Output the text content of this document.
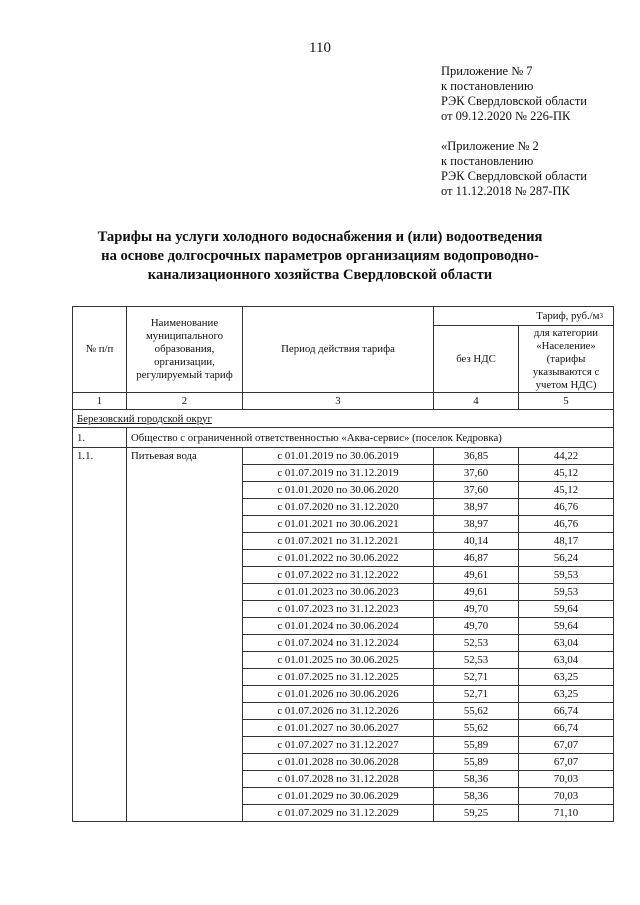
110
Приложение № 7
к постановлению
РЭК Свердловской области
от 09.12.2020 № 226-ПК
«Приложение № 2
к постановлению
РЭК Свердловской области
от 11.12.2018 № 287-ПК
Тарифы на услуги холодного водоснабжения и (или) водоотведения
на основе долгосрочных параметров организациям водопроводно-
канализационного хозяйства Свердловской области
№ п/п	Наименование муниципального образования, организации, регулируемый тариф	Период действия тарифа	Тариф, $руб./м^3$
			без НДС	для категории «Население» (тарифы указываются с учетом НДС)
1	2	3	4	5
Березовский городской округ				
1.	Общество с ограниченной ответственностью «Аква-сервис» (поселок Кедровка)			
1.1.	Питьевая вода	с 01.01.2019 по 30.06.2019	36,85	44,22
		с 01.07.2019 по 31.12.2019	37,60	45,12
		с 01.01.2020 по 30.06.2020	37,60	45,12
		с 01.07.2020 по 31.12.2020	38,97	46,76
		с 01.01.2021 по 30.06.2021	38,97	46,76
		с 01.07.2021 по 31.12.2021	40,14	48,17
		с 01.01.2022 по 30.06.2022	46,87	56,24
		с 01.07.2022 по 31.12.2022	49,61	59,53
		с 01.01.2023 по 30.06.2023	49,61	59,53
		с 01.07.2023 по 31.12.2023	49,70	59,64
		с 01.01.2024 по 30.06.2024	49,70	59,64
		с 01.07.2024 по 31.12.2024	52,53	63,04
		с 01.01.2025 по 30.06.2025	52,53	63,04
		с 01.07.2025 по 31.12.2025	52,71	63,25
		с 01.01.2026 по 30.06.2026	52,71	63,25
		с 01.07.2026 по 31.12.2026	55,62	66,74
		с 01.01.2027 по 30.06.2027	55,62	66,74
		с 01.07.2027 по 31.12.2027	55,89	67,07
		с 01.01.2028 по 30.06.2028	55,89	67,07
		с 01.07.2028 по 31.12.2028	58,36	70,03
		с 01.01.2029 по 30.06.2029	58,36	70,03
		с 01.07.2029 по 31.12.2029	59,25	71,10
